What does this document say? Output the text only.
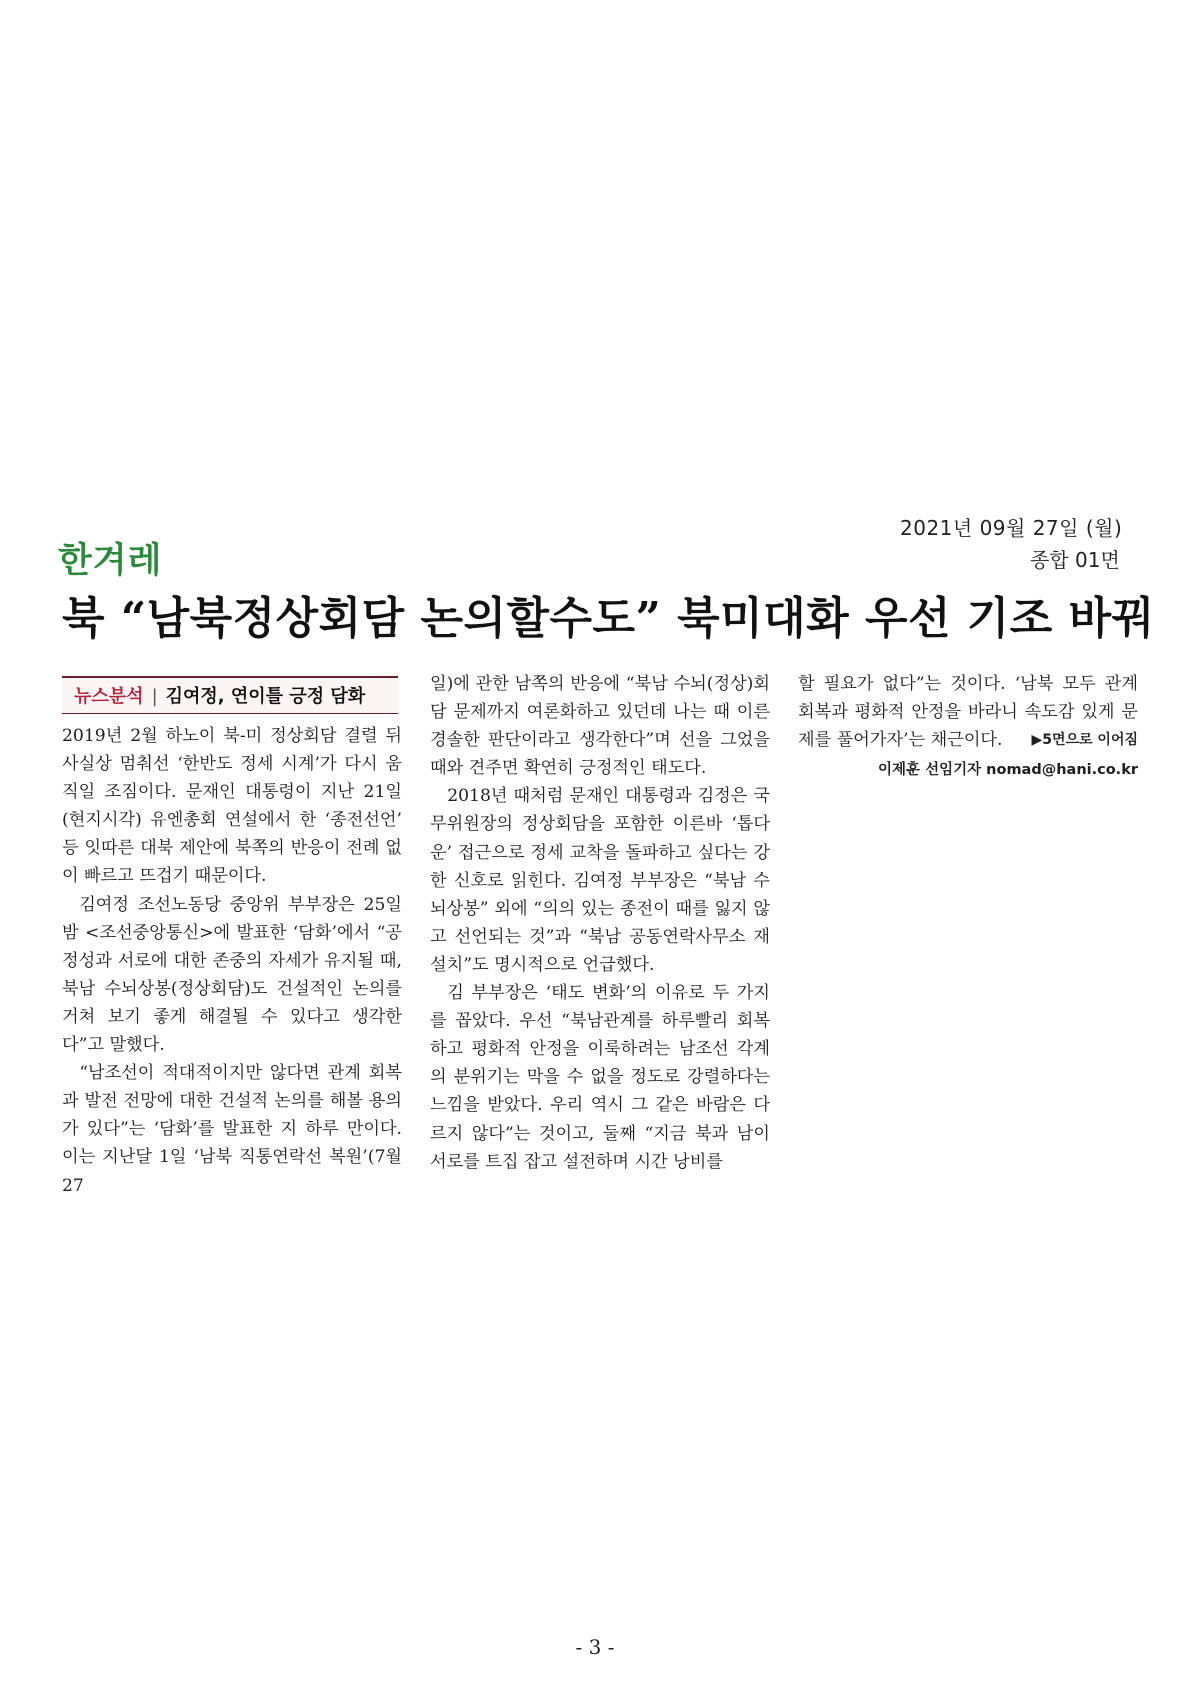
2021년 09월 27일 (월)
종합 01면
한겨레
북 “남북정상회담 논의할수도” 북미대화 우선 기조 바꿔
뉴스분석 | 김여정, 연이틀 긍정 담화

2019년 2월 하노이 북-미 정상회담 결렬 뒤 사실상 멈춰선 ‘한반도 정세 시계’가 다시 움직일 조짐이다. 문재인 대통령이 지난 21일(현지시각) 유엔총회 연설에서 한 ‘종전선언’ 등 잇따른 대북 제안에 북쪽의 반응이 전례 없이 빠르고 뜨겁기 때문이다.

김여정 조선노동당 중앙위 부부장은 25일 밤 <조선중앙통신>에 발표한 ‘담화’에서 “공정성과 서로에 대한 존중의 자세가 유지될 때, 북남 수뇌상봉(정상회담)도 건설적인 논의를 거쳐 보기 좋게 해결될 수 있다고 생각한다”고 말했다.

“남조선이 적대적이지만 않다면 관계 회복과 발전 전망에 대한 건설적 논의를 해볼 용의가 있다”는 ‘담화’를 발표한 지 하루 만이다. 이는 지난달 1일 ‘남북 직통연락선 복원’(7월27

일)에 관한 남쪽의 반응에 “북남 수뇌(정상)회담 문제까지 여론화하고 있던데 나는 때 이른 경솔한 판단이라고 생각한다”며 선을 그었을 때와 견주면 확연히 긍정적인 태도다.

2018년 때처럼 문재인 대통령과 김정은 국무위원장의 정상회담을 포함한 이른바 ‘톱다운’ 접근으로 정세 교착을 돌파하고 싶다는 강한 신호로 읽힌다. 김여정 부부장은 “북남 수뇌상봉” 외에 “의의 있는 종전이 때를 잃지 않고 선언되는 것”과 “북남 공동연락사무소 재설치”도 명시적으로 언급했다.

김 부부장은 ‘태도 변화’의 이유로 두 가지를 꼽았다. 우선 “북남관계를 하루빨리 회복하고 평화적 안정을 이룩하려는 남조선 각계의 분위기는 막을 수 없을 정도로 강렬하다는 느낌을 받았다. 우리 역시 그 같은 바람은 다르지 않다”는 것이고, 둘째 “지금 북과 남이 서로를 트집 잡고 설전하며 시간 낭비를

할 필요가 없다”는 것이다. ‘남북 모두 관계 회복과 평화적 안정을 바라니 속도감 있게 문제를 풀어가자’는 채근이다. ▶5면으로 이어짐

이제훈 선임기자 nomad@hani.co.kr
- 3 -
